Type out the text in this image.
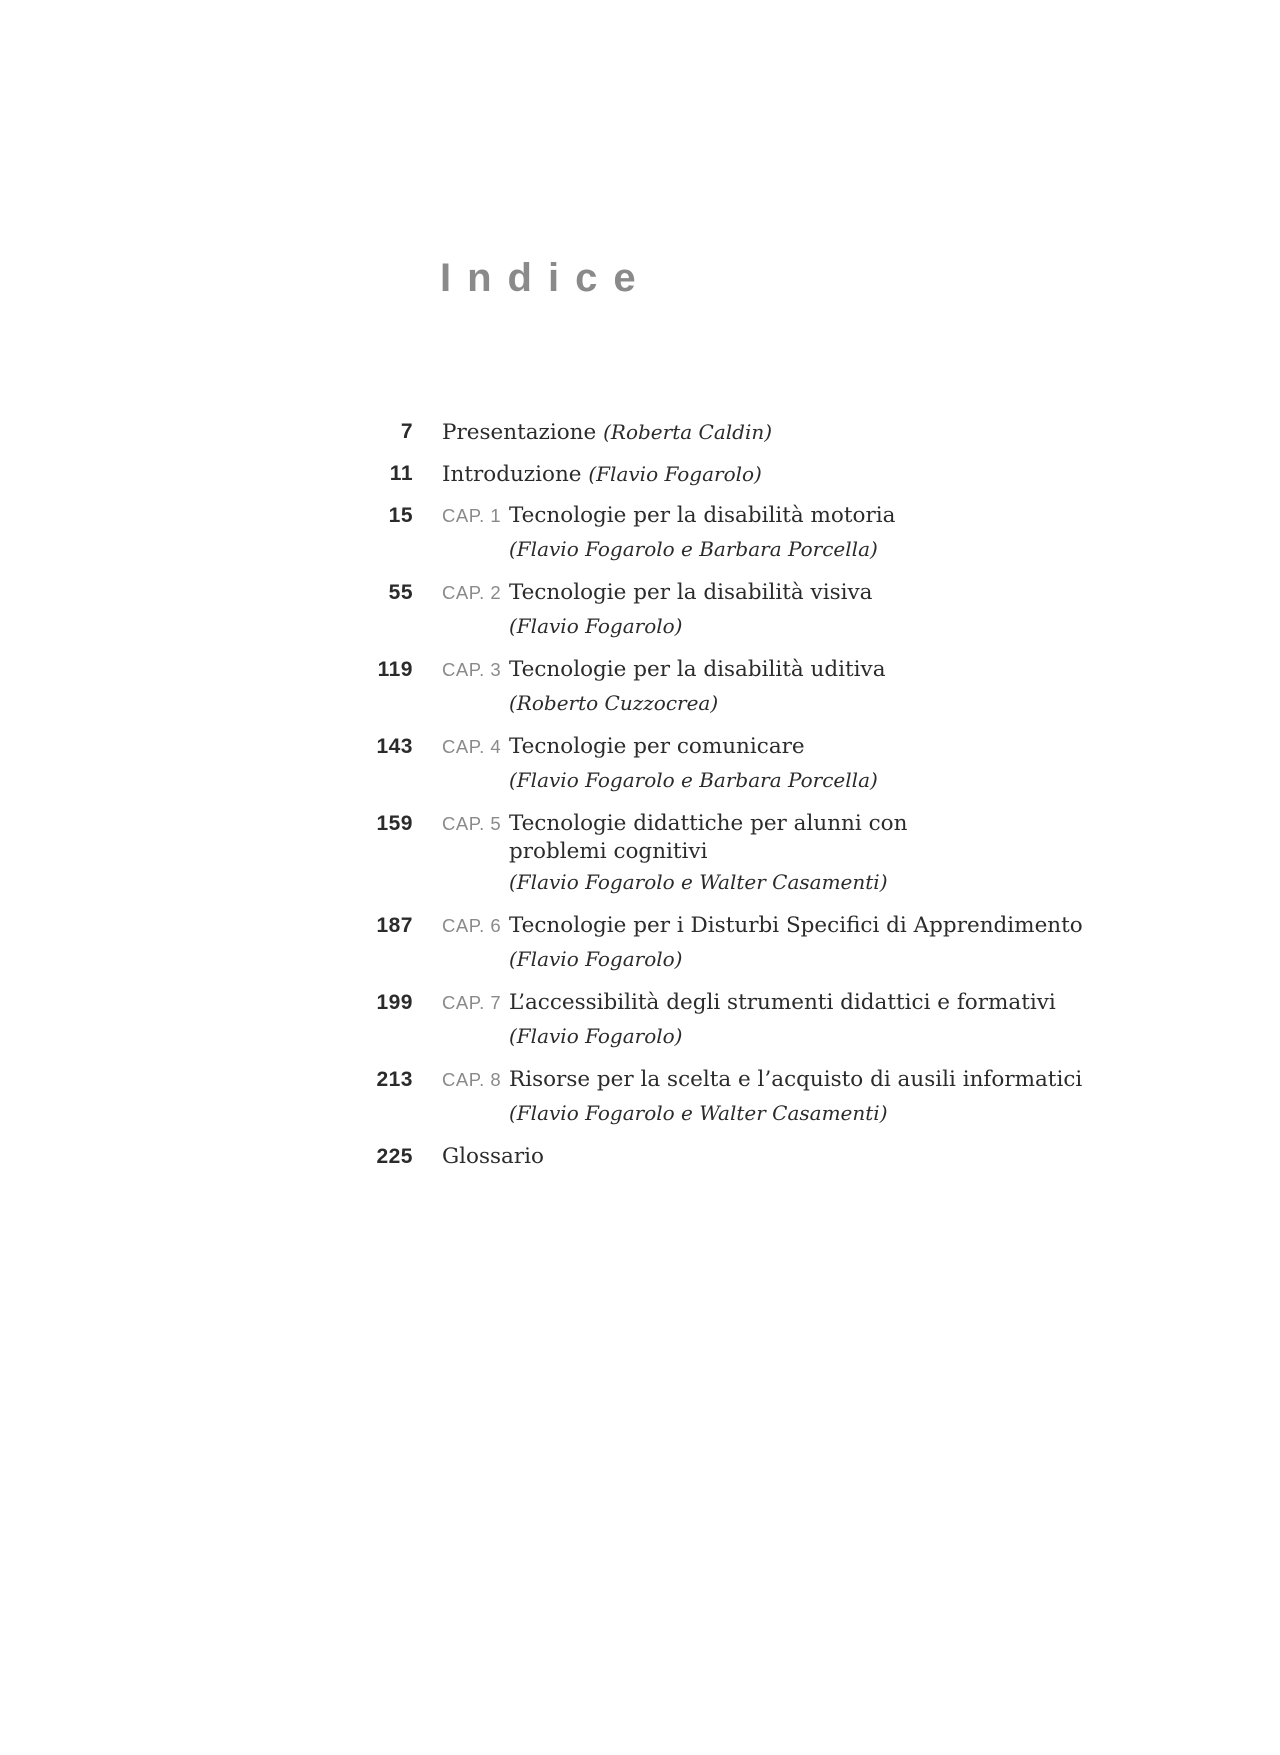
Indice
7 Presentazione (Roberta Caldin)
11 Introduzione (Flavio Fogarolo)
15 CAP. 1 Tecnologie per la disabilità motoria
(Flavio Fogarolo e Barbara Porcella)
55 CAP. 2 Tecnologie per la disabilità visiva
(Flavio Fogarolo)
119 CAP. 3 Tecnologie per la disabilità uditiva
(Roberto Cuzzocrea)
143 CAP. 4 Tecnologie per comunicare
(Flavio Fogarolo e Barbara Porcella)
159 CAP. 5 Tecnologie didattiche per alunni con problemi cognitivi
(Flavio Fogarolo e Walter Casamenti)
187 CAP. 6 Tecnologie per i Disturbi Specifici di Apprendimento
(Flavio Fogarolo)
199 CAP. 7 L’accessibilità degli strumenti didattici e formativi
(Flavio Fogarolo)
213 CAP. 8 Risorse per la scelta e l’acquisto di ausili informatici
(Flavio Fogarolo e Walter Casamenti)
225 Glossario
